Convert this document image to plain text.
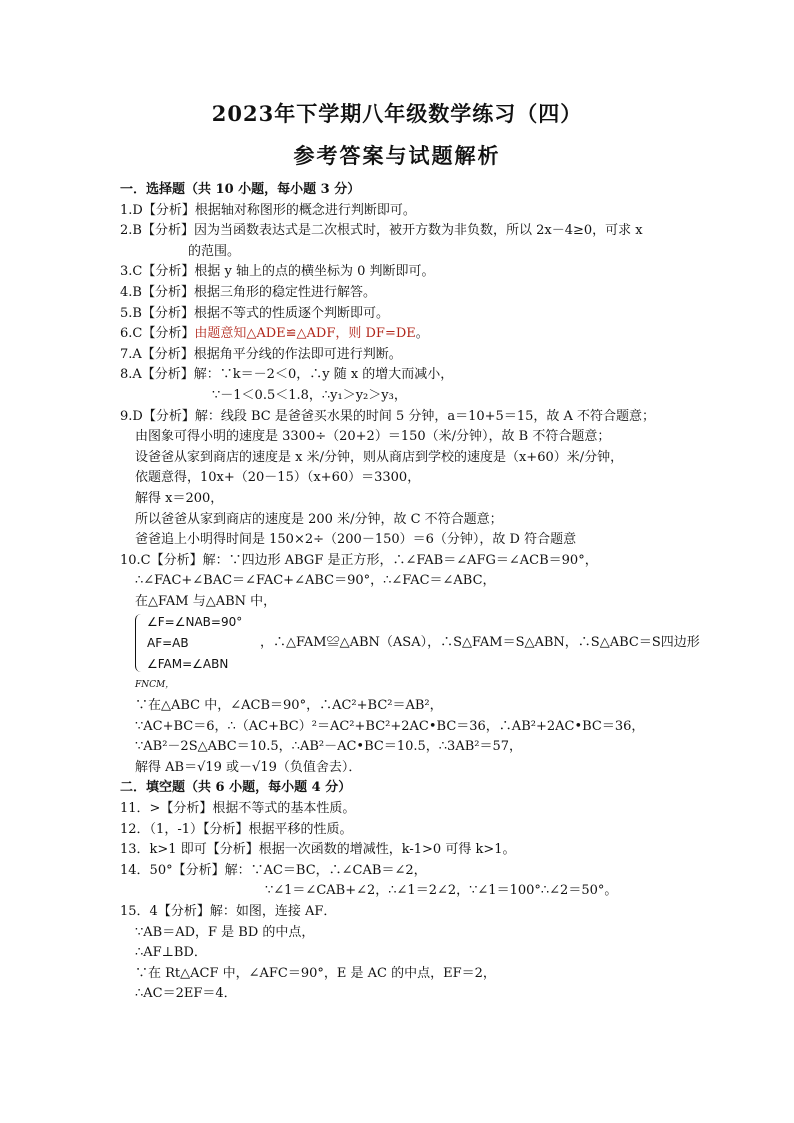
2023年下学期八年级数学练习（四）
参考答案与试题解析
一．选择题（共 10 小题，每小题 3 分）
1.D【分析】根据轴对称图形的概念进行判断即可。
2.B【分析】因为当函数表达式是二次根式时，被开方数为非负数，所以 2x－4≥0，可求 x
的范围。
3.C【分析】根据 y 轴上的点的横坐标为 0 判断即可。
4.B【分析】根据三角形的稳定性进行解答。
5.B【分析】根据不等式的性质逐个判断即可。
6.C【分析】由题意知△ADE≌△ADF，则 DF=DE。
7.A【分析】根据角平分线的作法即可进行判断。
8.A【分析】解：∵k＝－2＜0，∴y 随 x 的增大而减小，
∵－1＜0.5＜1.8，∴y₁＞y₂＞y₃，
9.D【分析】解：线段 BC 是爸爸买水果的时间 5 分钟，a＝10+5＝15，故 A 不符合题意；
由图象可得小明的速度是 3300÷（20+2）＝150（米/分钟），故 B 不符合题意；
设爸爸从家到商店的速度是 x 米/分钟，则从商店到学校的速度是（x+60）米/分钟，
依题意得，10x+（20－15）（x+60）＝3300，
解得 x＝200，
所以爸爸从家到商店的速度是 200 米/分钟，故 C 不符合题意；
爸爸追上小明得时间是 150×2÷（200－150）＝6（分钟），故 D 符合题意
10.C【分析】解：∵四边形 ABGF 是正方形，∴∠FAB＝∠AFG＝∠ACB＝90°，
∴∠FAC+∠BAC＝∠FAC+∠ABC＝90°，∴∠FAC＝∠ABC，
在△FAM 与△ABN 中，
∠F=∠NAB=90°
AF=AB
∠FAM=∠ABN
，∴△FAM≌△ABN（ASA），∴S△FAM＝S△ABN，∴S△ABC＝S四边形
FNCM，
∵在△ABC 中，∠ACB＝90°，∴AC²+BC²＝AB²，
∵AC+BC＝6，∴（AC+BC）²＝AC²+BC²+2AC•BC＝36，∴AB²+2AC•BC＝36，
∵AB²－2S△ABC＝10.5，∴AB²－AC•BC＝10.5，∴3AB²＝57，
解得 AB＝√19 或－√19（负值舍去）．
二．填空题（共 6 小题，每小题 4 分）
11．>【分析】根据不等式的基本性质。
12．（1，-1）【分析】根据平移的性质。
13．k>1 即可【分析】根据一次函数的增减性，k-1>0 可得 k>1。
14．50°【分析】解：∵AC＝BC，∴∠CAB＝∠2，
∵∠1＝∠CAB+∠2，∴∠1＝2∠2，∵∠1＝100°∴∠2＝50°。
15．4【分析】解：如图，连接 AF．
∵AB＝AD，F 是 BD 的中点，
∴AF⊥BD．
∵在 Rt△ACF 中，∠AFC＝90°，E 是 AC 的中点，EF＝2，
∴AC＝2EF＝4．
